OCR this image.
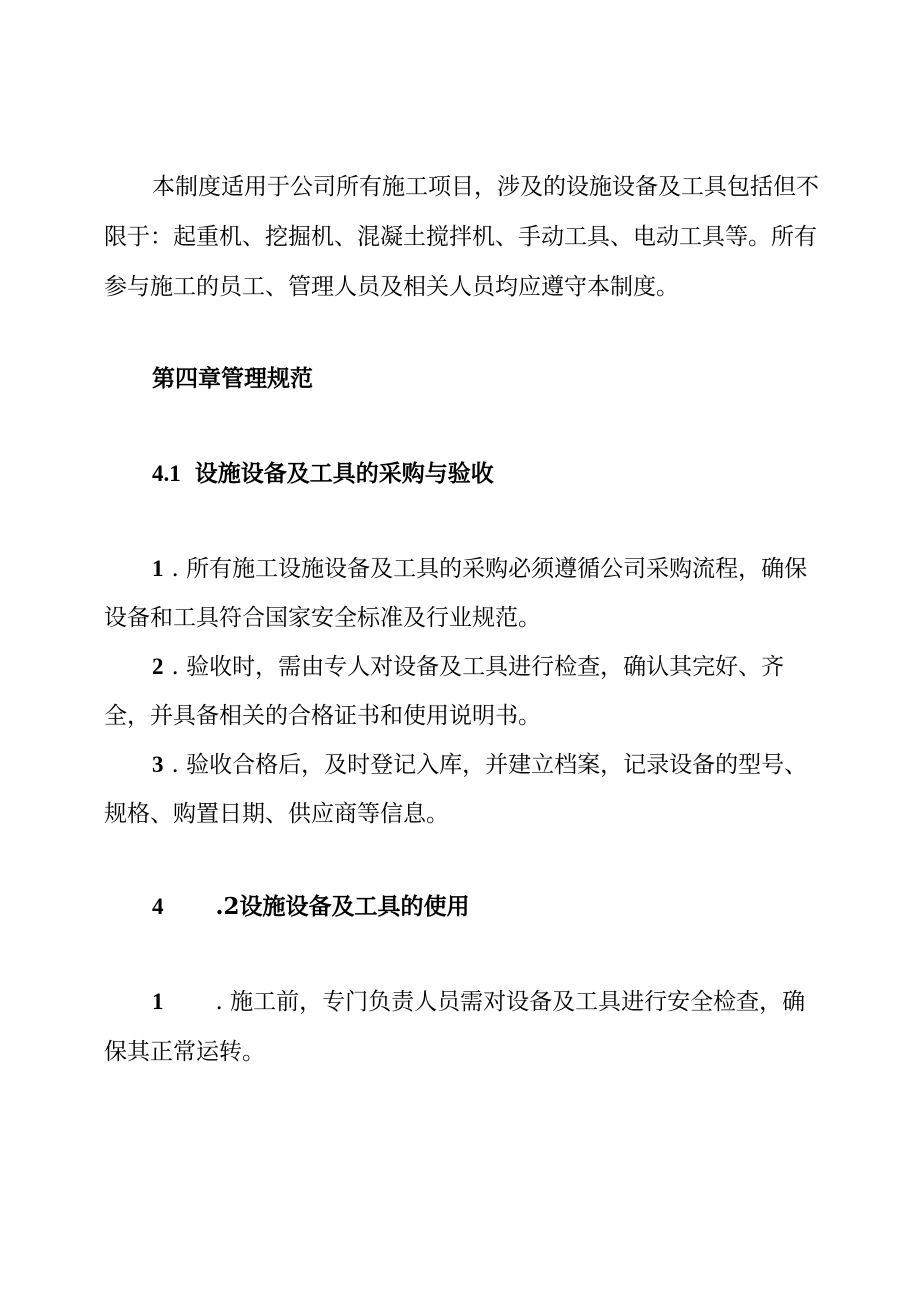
本制度适用于公司所有施工项目，涉及的设施设备及工具包括但不
限于：起重机、挖掘机、混凝土搅拌机、手动工具、电动工具等。所有
参与施工的员工、管理人员及相关人员均应遵守本制度。
第四章管理规范
4.1 设施设备及工具的采购与验收
1 . 所有施工设施设备及工具的采购必须遵循公司采购流程，确保
设备和工具符合国家安全标准及行业规范。
2 . 验收时，需由专人对设备及工具进行检查，确认其完好、齐
全，并具备相关的合格证书和使用说明书。
3 . 验收合格后，及时登记入库，并建立档案，记录设备的型号、
规格、购置日期、供应商等信息。
4 .2设施设备及工具的使用
1 . 施工前，专门负责人员需对设备及工具进行安全检查，确
保其正常运转。
